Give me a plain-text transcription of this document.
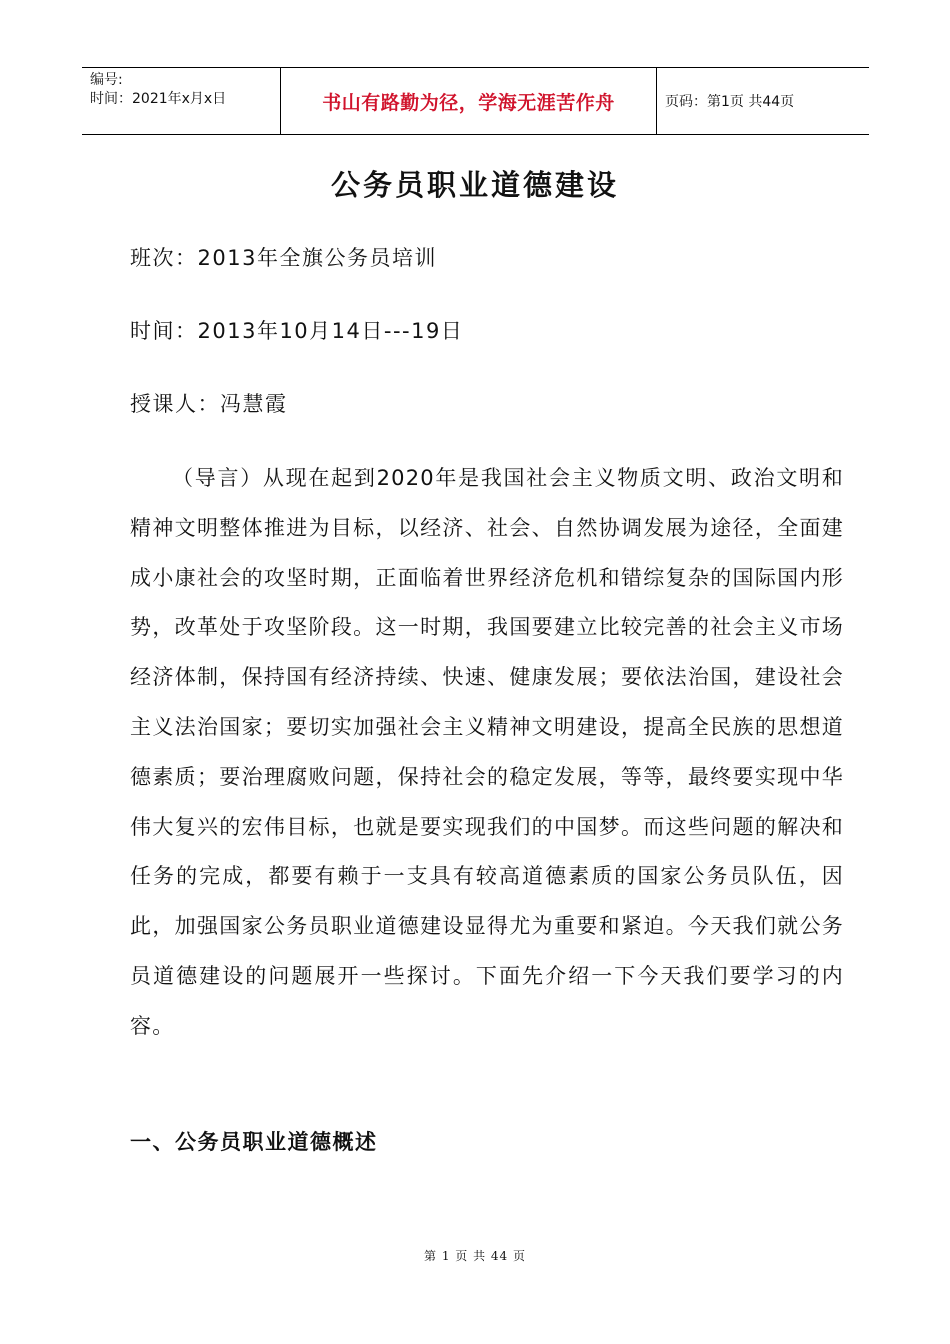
编号:
时间：2021年x月x日	书山有路勤为径，学海无涯苦作舟	页码：第1页 共44页
公务员职业道德建设
班次：2013年全旗公务员培训
时间：2013年10月14日---19日
授课人：冯慧霞

（导言）从现在起到2020年是我国社会主义物质文明、政治文明和精神文明整体推进为目标，以经济、社会、自然协调发展为途径，全面建成小康社会的攻坚时期，正面临着世界经济危机和错综复杂的国际国内形势，改革处于攻坚阶段。这一时期，我国要建立比较完善的社会主义市场经济体制，保持国有经济持续、快速、健康发展；要依法治国，建设社会主义法治国家；要切实加强社会主义精神文明建设，提高全民族的思想道德素质；要治理腐败问题，保持社会的稳定发展，等等，最终要实现中华伟大复兴的宏伟目标，也就是要实现我们的中国梦。而这些问题的解决和任务的完成，都要有赖于一支具有较高道德素质的国家公务员队伍，因此，加强国家公务员职业道德建设显得尤为重要和紧迫。今天我们就公务员道德建设的问题展开一些探讨。下面先介绍一下今天我们要学习的内容。

一、公务员职业道德概述
第 1 页 共 44 页
